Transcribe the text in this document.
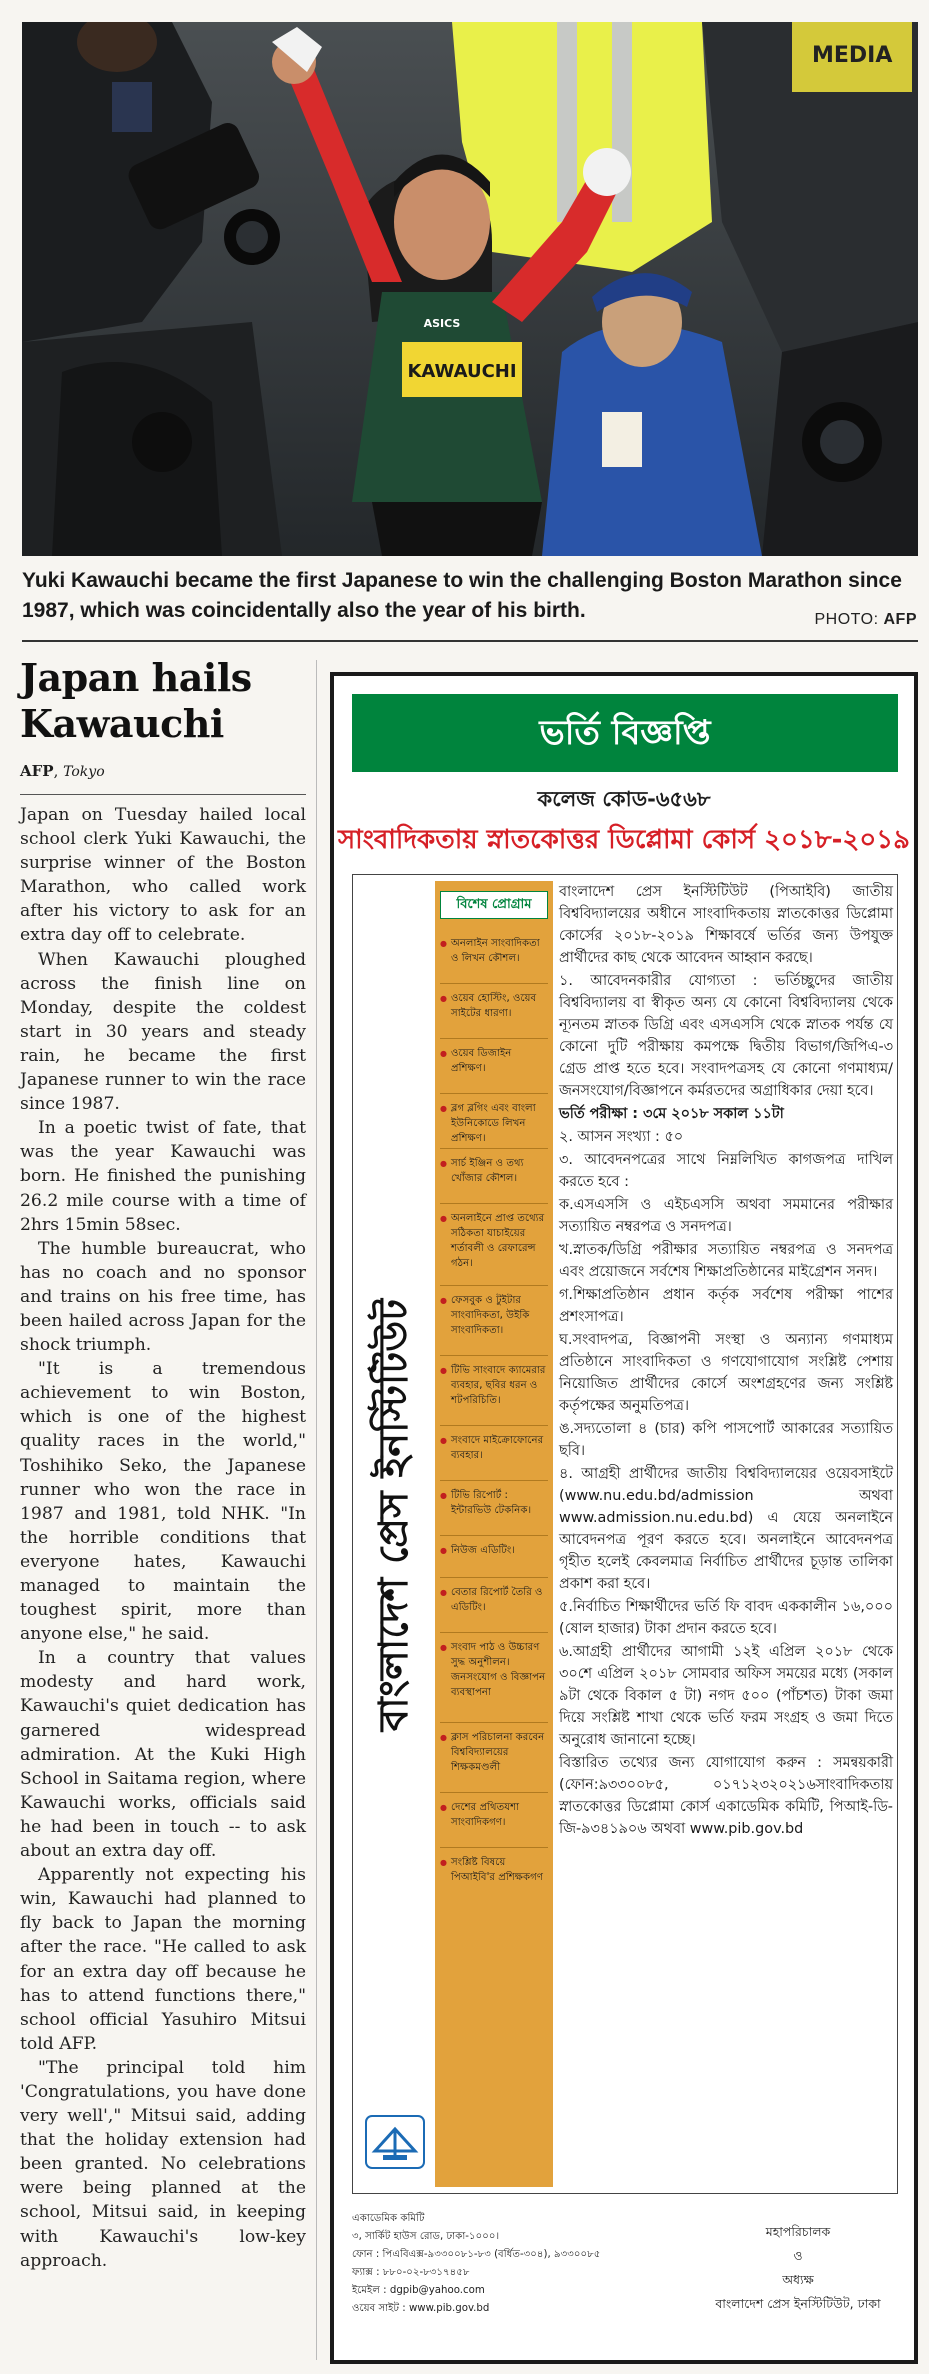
MEDIA
KAWAUCHI
ASICS
Yuki Kawauchi became the first Japanese to win the challenging Boston Marathon since 1987, which was coincidentally also the year of his birth.	PHOTO: AFP
Japan hails Kawauchi
AFP, Tokyo

Japan on Tuesday hailed local school clerk Yuki Kawauchi, the surprise winner of the Boston Marathon, who called work after his victory to ask for an extra day off to celebrate.

When Kawauchi ploughed across the finish line on Monday, despite the coldest start in 30 years and steady rain, he became the first Japanese runner to win the race since 1987.

In a poetic twist of fate, that was the year Kawauchi was born. He finished the punishing 26.2 mile course with a time of 2hrs 15min 58sec.

The humble bureaucrat, who has no coach and no sponsor and trains on his free time, has been hailed across Japan for the shock triumph.

"It is a tremendous achievement to win Boston, which is one of the highest quality races in the world," Toshihiko Seko, the Japanese runner who won the race in 1987 and 1981, told NHK. "In the horrible conditions that everyone hates, Kawauchi managed to maintain the toughest spirit, more than anyone else," he said.

In a country that values modesty and hard work, Kawauchi's quiet dedication has garnered widespread admiration. At the Kuki High School in Saitama region, where Kawauchi works, officials said he had been in touch -- to ask about an extra day off.

Apparently not expecting his win, Kawauchi had planned to fly back to Japan the morning after the race. "He called to ask for an extra day off because he has to attend functions there," school official Yasuhiro Mitsui told AFP.

"The principal told him 'Congratulations, you have done very well'," Mitsui said, adding that the holiday extension had been granted. No celebrations were being planned at the school, Mitsui said, in keeping with Kawauchi's low-key approach.

ভর্তি বিজ্ঞপ্তি
কলেজ কোড-৬৫৬৮
সাংবাদিকতায় স্নাতকোত্তর ডিপ্লোমা কোর্স ২০১৮-২০১৯
বাংলাদেশ প্রেস ইনস্টিটিউট
বিশেষ প্রোগ্রাম
● অনলাইন সাংবাদিকতা ও লিখন কৌশল।
● ওয়েব হোস্টিং, ওয়েব সাইটের ধারণা।
● ওয়েব ডিজাইন প্রশিক্ষণ।
● ব্লগ ব্লগিং এবং বাংলা ইউনিকোডে লিখন প্রশিক্ষণ।
● সার্চ ইঞ্জিন ও তথ্য খোঁজার কৌশল।
● অনলাইনে প্রাপ্ত তথ্যের সঠিকতা যাচাইয়ের শর্তাবলী ও রেফারেন্স গঠন।
● ফেসবুক ও টুইটার সাংবাদিকতা, উইকি সাংবাদিকতা।
● টিভি সাংবাদে ক্যামেরার ব্যবহার, ছবির ধরন ও শটপরিচিতি।
● সংবাদে মাইক্রোফোনের ব্যবহার।
● টিভি রিপোর্ট : ইন্টারভিউ টেকনিক।
● নিউজ এডিটিং।
● বেতার রিপোর্ট তৈরি ও এডিটিং।
● সংবাদ পাঠ ও উচ্চারণ সুদ্ধ অনুশীলন। জনসংযোগ ও বিজ্ঞাপন ব্যবস্থাপনা
● ক্লাস পরিচালনা করবেন বিশ্ববিদ্যালয়ের শিক্ষকমণ্ডলী
● দেশের প্রথিতযশা সাংবাদিকগণ।
● সংশ্লিষ্ট বিষয়ে পিআইবি'র প্রশিক্ষকগণ

বাংলাদেশ প্রেস ইনস্টিটিউট (পিআইবি) জাতীয় বিশ্ববিদ্যালয়ের অধীনে সাংবাদিকতায় স্নাতকোত্তর ডিপ্লোমা কোর্সের ২০১৮-২০১৯ শিক্ষাবর্ষে ভর্তির জন্য উপযুক্ত প্রার্থীদের কাছ থেকে আবেদন আহ্বান করছে।

১. আবেদনকারীর যোগ্যতা : ভর্তিচ্ছুদের জাতীয় বিশ্ববিদ্যালয় বা স্বীকৃত অন্য যে কোনো বিশ্ববিদ্যালয় থেকে ন্যূনতম স্নাতক ডিগ্রি এবং এসএসসি থেকে স্নাতক পর্যন্ত যে কোনো দুটি পরীক্ষায় কমপক্ষে দ্বিতীয় বিভাগ/জিপিএ-৩ গ্রেড প্রাপ্ত হতে হবে। সংবাদপত্রসহ যে কোনো গণমাধ্যম/জনসংযোগ/বিজ্ঞাপনে কর্মরতদের অগ্রাধিকার দেয়া হবে।

ভর্তি পরীক্ষা : ৩মে ২০১৮ সকাল ১১টা

২. আসন সংখ্যা : ৫০

৩. আবেদনপত্রের সাথে নিম্নলিখিত কাগজপত্র দাখিল করতে হবে :

ক.এসএসসি ও এইচএসসি অথবা সমমানের পরীক্ষার সত্যায়িত নম্বরপত্র ও সনদপত্র।

খ.স্নাতক/ডিগ্রি পরীক্ষার সত্যায়িত নম্বরপত্র ও সনদপত্র এবং প্রয়োজনে সর্বশেষ শিক্ষাপ্রতিষ্ঠানের মাইগ্রেশন সনদ।

গ.শিক্ষাপ্রতিষ্ঠান প্রধান কর্তৃক সর্বশেষ পরীক্ষা পাশের প্রশংসাপত্র।

ঘ.সংবাদপত্র, বিজ্ঞাপনী সংস্থা ও অন্যান্য গণমাধ্যম প্রতিষ্ঠানে সাংবাদিকতা ও গণযোগাযোগ সংশ্লিষ্ট পেশায় নিয়োজিত প্রার্থীদের কোর্সে অংশগ্রহণের জন্য সংশ্লিষ্ট কর্তৃপক্ষের অনুমতিপত্র।

ঙ.সদ্যতোলা ৪ (চার) কপি পাসপোর্ট আকারের সত্যায়িত ছবি।

৪. আগ্রহী প্রার্থীদের জাতীয় বিশ্ববিদ্যালয়ের ওয়েবসাইটে (www.nu.edu.bd/admission অথবা www.admission.nu.edu.bd) এ যেয়ে অনলাইনে আবেদনপত্র পূরণ করতে হবে। অনলাইনে আবেদনপত্র গৃহীত হলেই কেবলমাত্র নির্বাচিত প্রার্থীদের চূড়ান্ত তালিকা প্রকাশ করা হবে।

৫.নির্বাচিত শিক্ষার্থীদের ভর্তি ফি বাবদ এককালীন ১৬,০০০ (ষোল হাজার) টাকা প্রদান করতে হবে।

৬.আগ্রহী প্রার্থীদের আগামী ১২ই এপ্রিল ২০১৮ থেকে ৩০শে এপ্রিল ২০১৮ সোমবার অফিস সময়ের মধ্যে (সকাল ৯টা থেকে বিকাল ৫ টা) নগদ ৫০০ (পাঁচশত) টাকা জমা দিয়ে সংশ্লিষ্ট শাখা থেকে ভর্তি ফরম সংগ্রহ ও জমা দিতে অনুরোধ জানানো হচ্ছে।

বিস্তারিত তথ্যের জন্য যোগাযোগ করুন : সমন্বয়কারী (ফোন:৯৩৩০০৮৫, ০১৭১২৩২০২১৬সাংবাদিকতায় স্নাতকোত্তর ডিপ্লোমা কোর্স একাডেমিক কমিটি, পিআই-ডি-জি-৯৩৪১৯০৬ অথবা www.pib.gov.bd

একাডেমিক কমিটি
৩, সার্কিট হাউস রোড, ঢাকা-১০০০।
ফোন : পিএবিএক্স-৯৩৩০০৮১-৮৩ (বর্ধিত-৩০৪), ৯৩৩০০৮৫
ফ্যাক্স : ৮৮০-০২-৮৩১৭৪৫৮
ইমেইল : dgpib@yahoo.com
ওয়েব সাইট : www.pib.gov.bd
মহাপরিচালক
ও
অধ্যক্ষ
বাংলাদেশ প্রেস ইনস্টিটিউট, ঢাকা
